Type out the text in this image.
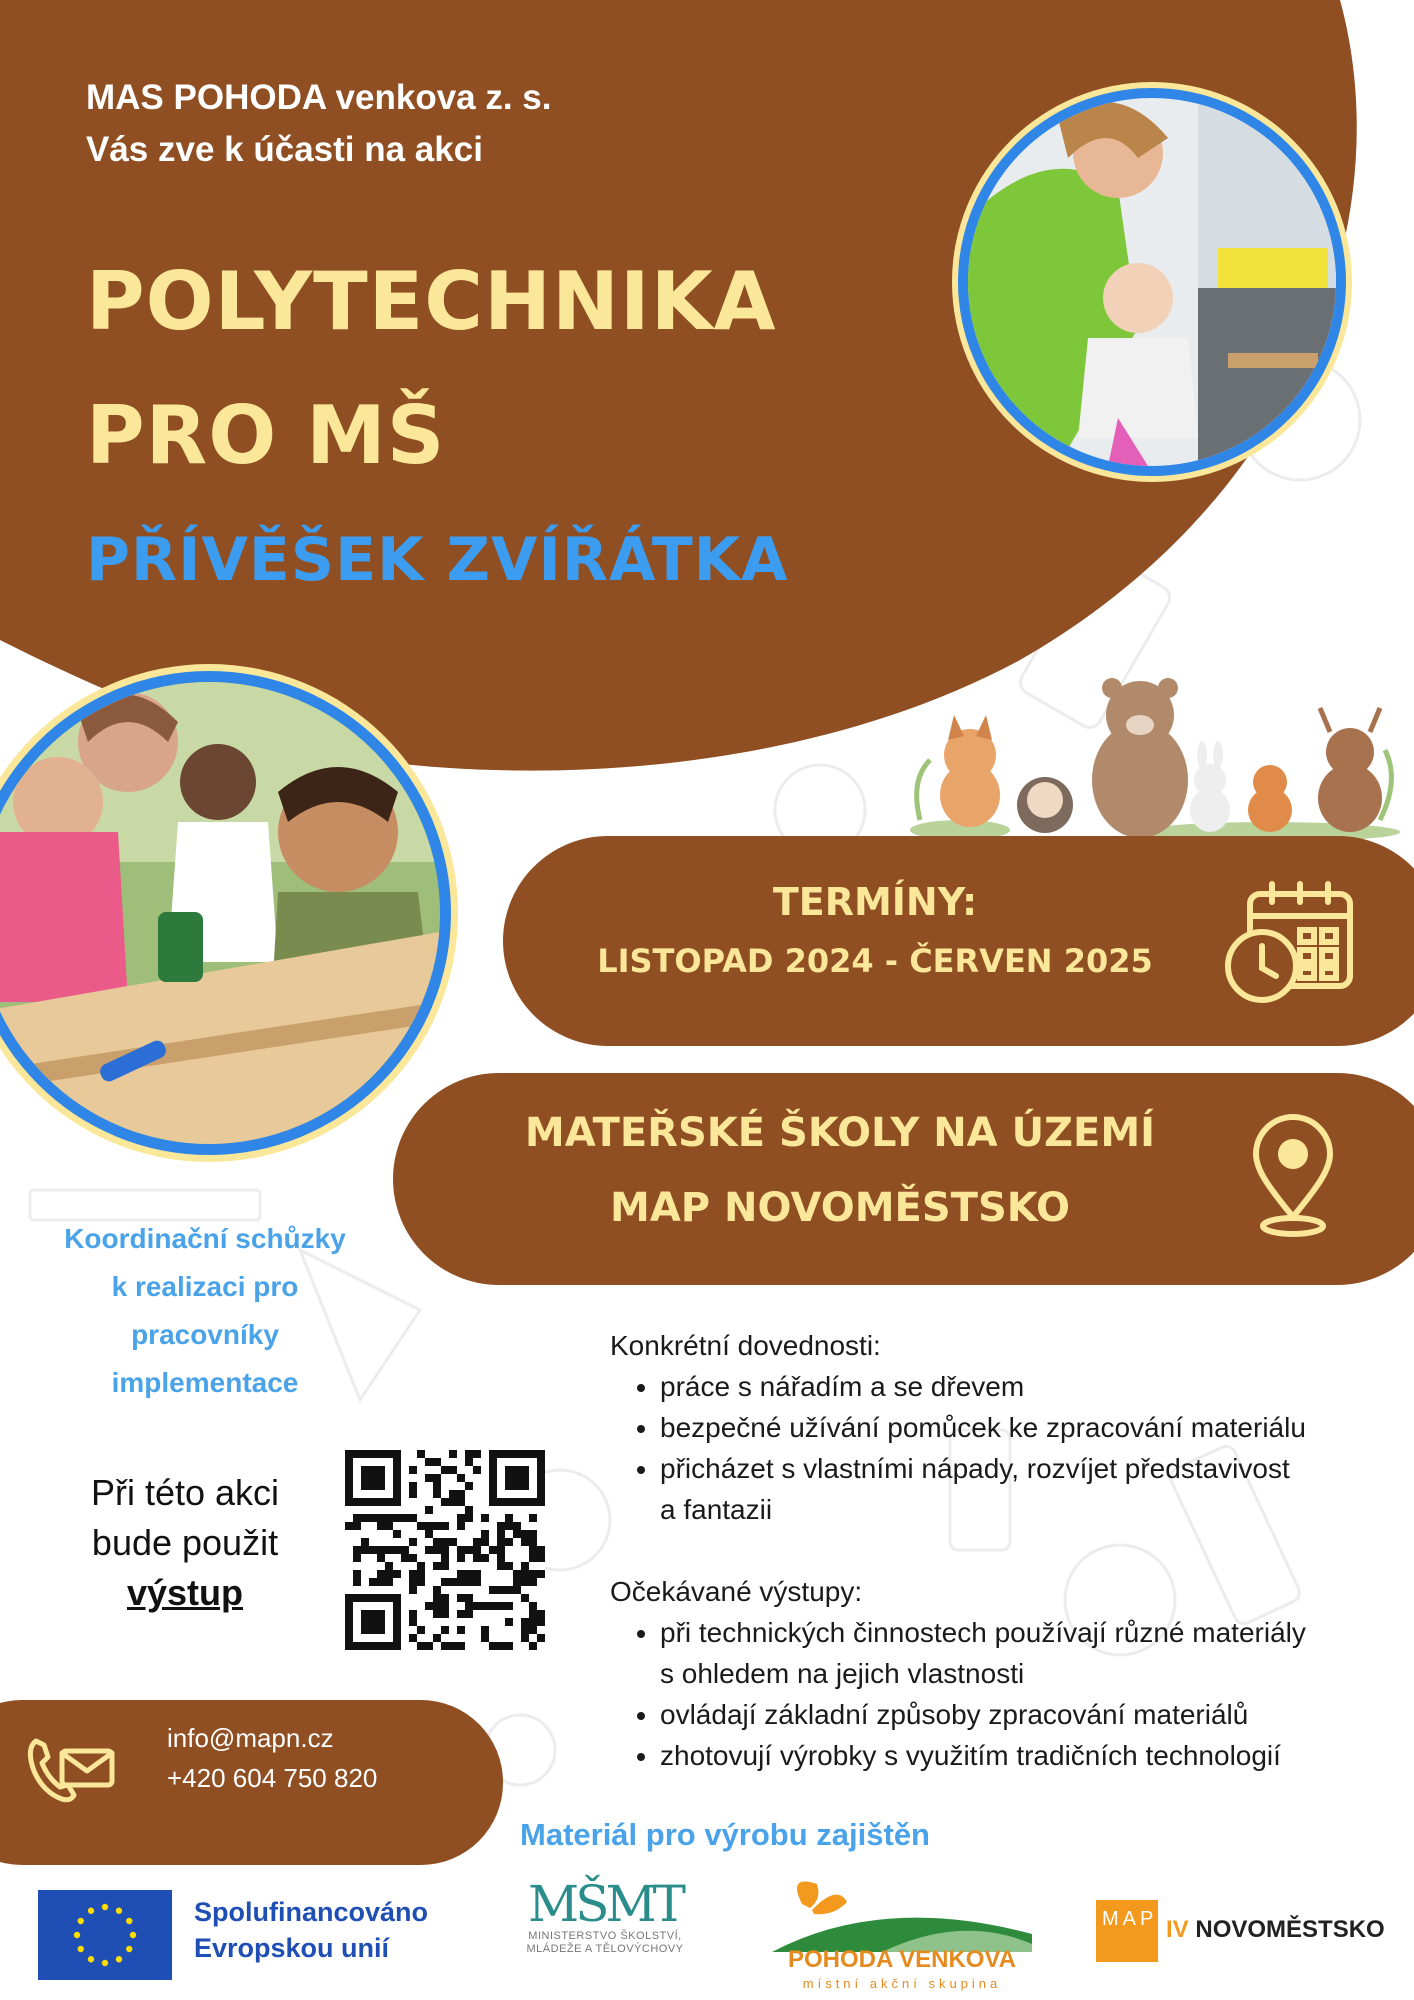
MAS POHODA venkova z. s.
Vás zve k účasti na akci
POLYTECHNIKA
PRO MŠ
PŘÍVĚŠEK ZVÍŘÁTKA
TERMÍNY:
LISTOPAD 2024 - ČERVEN 2025
MATEŘSKÉ ŠKOLY NA ÚZEMÍ
MAP NOVOMĚSTSKO
Koordinační schůzky
k realizaci pro
pracovníky
implementace
Při této akci
bude použit
výstup
info@mapn.cz
+420 604 750 820
Konkrétní dovednosti:
• práce s nářadím a se dřevem
• bezpečné užívání pomůcek ke zpracování materiálu
• přicházet s vlastními nápady, rozvíjet představivost
a fantazii
Očekávané výstupy:
• při technických činnostech používají různé materiály
s ohledem na jejich vlastnosti
• ovládají základní způsoby zpracování materiálů
• zhotovují výrobky s využitím tradičních technologií
Materiál pro výrobu zajištěn
Spolufinancováno
Evropskou unií
MŠMT
MINISTERSTVO ŠKOLSTVÍ,
MLÁDEŽE A TĚLOVÝCHOVY	POHODA VENKOVA
místní akční skupina
MAP IV NOVOMĚSTSKO
